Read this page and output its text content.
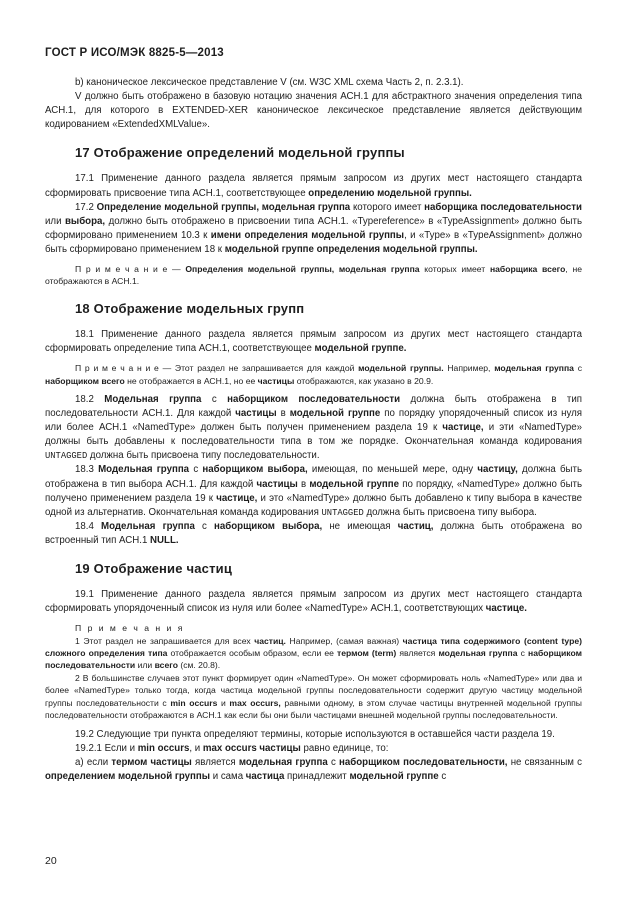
ГОСТ Р ИСО/МЭК 8825-5—2013

b) каноническое лексическое представление V (см. W3C XML схема Часть 2, п. 2.3.1).

V должно быть отображено в базовую нотацию значения АСН.1 для абстрактного значения определения типа АСН.1, для которого в EXTENDED-XER каноническое лексическое представление является действующим кодированием «ExtendedXMLValue».

17 Отображение определений модельной группы

17.1 Применение данного раздела является прямым запросом из других мест настоящего стандарта сформировать присвоение типа АСН.1, соответствующее определению модельной группы.

17.2 Определение модельной группы, модельная группа которого имеет наборщика последовательности или выбора, должно быть отображено в присвоении типа АСН.1. «Typereference» в «TypeAssignment» должно быть сформировано применением 10.3 к имени определения модельной группы, и «Type» в «TypeAssignment» должно быть сформировано применением 18 к модельной группе определения модельной группы.

П р и м е ч а н и е — Определения модельной группы, модельная группа которых имеет наборщика всего, не отображаются в АСН.1.

18 Отображение модельных групп

18.1 Применение данного раздела является прямым запросом из других мест настоящего стандарта сформировать определение типа АСН.1, соответствующее модельной группе.

П р и м е ч а н и е — Этот раздел не запрашивается для каждой модельной группы. Например, модельная группа с наборщиком всего не отображается в АСН.1, но ее частицы отображаются, как указано в 20.9.

18.2 Модельная группа с наборщиком последовательности должна быть отображена в тип последовательности АСН.1. Для каждой частицы в модельной группе по порядку упорядоченный список из нуля или более АСН.1 «NamedType» должен быть получен применением раздела 19 к частице, и эти «NamedType» должны быть добавлены к последовательности типа в том же порядке. Окончательная команда кодирования UNTAGGED должна быть присвоена типу последовательности.

18.3 Модельная группа с наборщиком выбора, имеющая, по меньшей мере, одну частицу, должна быть отображена в тип выбора АСН.1. Для каждой частицы в модельной группе по порядку, «NamedType» должно быть получено применением раздела 19 к частице, и это «NamedType» должно быть добавлено к типу выбора в качестве одной из альтернатив. Окончательная команда кодирования UNTAGGED должна быть присвоена типу выбора.

18.4 Модельная группа с наборщиком выбора, не имеющая частиц, должна быть отображена во встроенный тип АСН.1 NULL.

19 Отображение частиц

19.1 Применение данного раздела является прямым запросом из других мест настоящего стандарта сформировать упорядоченный список из нуля или более «NamedType» АСН.1, соответствующих частице.

П р и м е ч а н и я

1 Этот раздел не запрашивается для всех частиц. Например, (самая важная) частица типа содержимого (content type) сложного определения типа отображается особым образом, если ее термом (term) является модельная группа с наборщиком последовательности или всего (см. 20.8).

2 В большинстве случаев этот пункт формирует один «NamedType». Он может сформировать ноль «NamedType» или два и более «NamedType» только тогда, когда частица модельной группы последовательности содержит другую частицу модельной группы последовательности с min occurs и max occurs, равными одному, в этом случае частицы внутренней модельной группы последовательности отображаются в АСН.1 как если бы они были частицами внешней модельной группы последовательности.

19.2 Следующие три пункта определяют термины, которые используются в оставшейся части раздела 19.

19.2.1 Если и min occurs, и max occurs частицы равно единице, то:

а) если термом частицы является модельная группа с наборщиком последовательности, не связанным с определением модельной группы и сама частица принадлежит модельной группе с

20
